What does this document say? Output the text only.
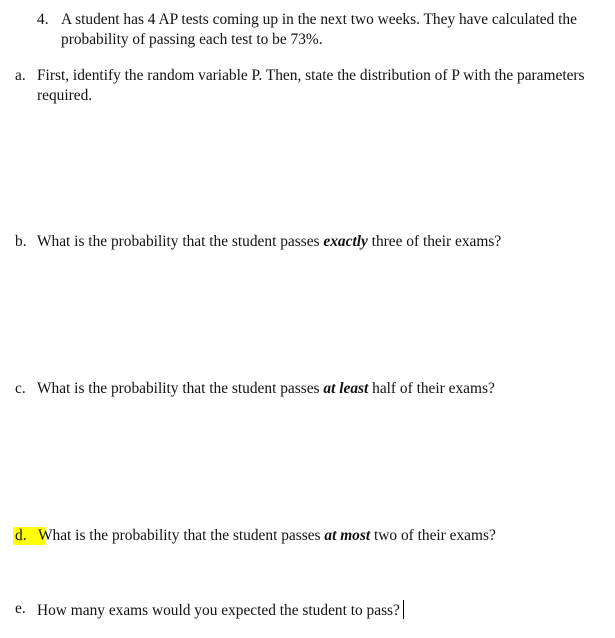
4. A student has 4 AP tests coming up in the next two weeks. They have calculated the
probability of passing each test to be 73%.
a. First, identify the random variable P. Then, state the distribution of P with the parameters
required.
b. What is the probability that the student passes exactly three of their exams?
c. What is the probability that the student passes at least half of their exams?
d. What is the probability that the student passes at most two of their exams?
e. How many exams would you expected the student to pass?
